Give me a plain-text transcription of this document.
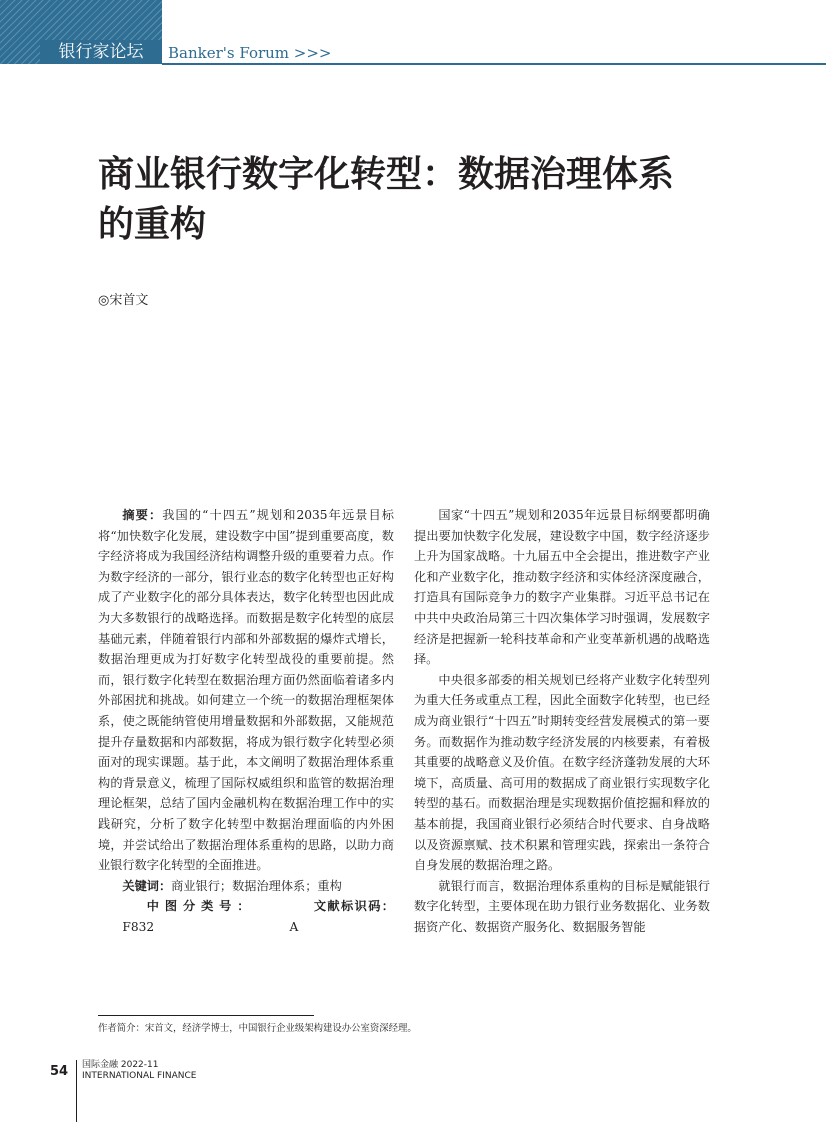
银行家论坛	Banker's Forum >>>
商业银行数字化转型：数据治理体系
的重构
◎宋首文

摘要：我国的“十四五”规划和2035年远景目标将“加快数字化发展，建设数字中国”提到重要高度，数字经济将成为我国经济结构调整升级的重要着力点。作为数字经济的一部分，银行业态的数字化转型也正好构成了产业数字化的部分具体表达，数字化转型也因此成为大多数银行的战略选择。而数据是数字化转型的底层基础元素，伴随着银行内部和外部数据的爆炸式增长，数据治理更成为打好数字化转型战役的重要前提。然而，银行数字化转型在数据治理方面仍然面临着诸多内外部困扰和挑战。如何建立一个统一的数据治理框架体系，使之既能纳管使用增量数据和外部数据，又能规范提升存量数据和内部数据，将成为银行数字化转型必须面对的现实课题。基于此，本文阐明了数据治理体系重构的背景意义，梳理了国际权威组织和监管的数据治理理论框架，总结了国内金融机构在数据治理工作中的实践研究，分析了数字化转型中数据治理面临的内外困境，并尝试给出了数据治理体系重构的思路，以助力商业银行数字化转型的全面推进。

关键词：商业银行；数据治理体系；重构

中图分类号：F832
文献标识码：A

国家“十四五”规划和2035年远景目标纲要都明确提出要加快数字化发展，建设数字中国，数字经济逐步上升为国家战略。十九届五中全会提出，推进数字产业化和产业数字化，推动数字经济和实体经济深度融合，打造具有国际竞争力的数字产业集群。习近平总书记在中共中央政治局第三十四次集体学习时强调，发展数字经济是把握新一轮科技革命和产业变革新机遇的战略选择。

中央很多部委的相关规划已经将产业数字化转型列为重大任务或重点工程，因此全面数字化转型，也已经成为商业银行“十四五”时期转变经营发展模式的第一要务。而数据作为推动数字经济发展的内核要素，有着极其重要的战略意义及价值。在数字经济蓬勃发展的大环境下，高质量、高可用的数据成了商业银行实现数字化转型的基石。而数据治理是实现数据价值挖掘和释放的基本前提，我国商业银行必须结合时代要求、自身战略以及资源禀赋、技术积累和管理实践，探索出一条符合自身发展的数据治理之路。

就银行而言，数据治理体系重构的目标是赋能银行数字化转型，主要体现在助力银行业务数据化、业务数据资产化、数据资产服务化、数据服务智能

作者简介：宋首文，经济学博士，中国银行企业级架构建设办公室资深经理。
54 国际金融 2022-11
INTERNATIONAL FINANCE
